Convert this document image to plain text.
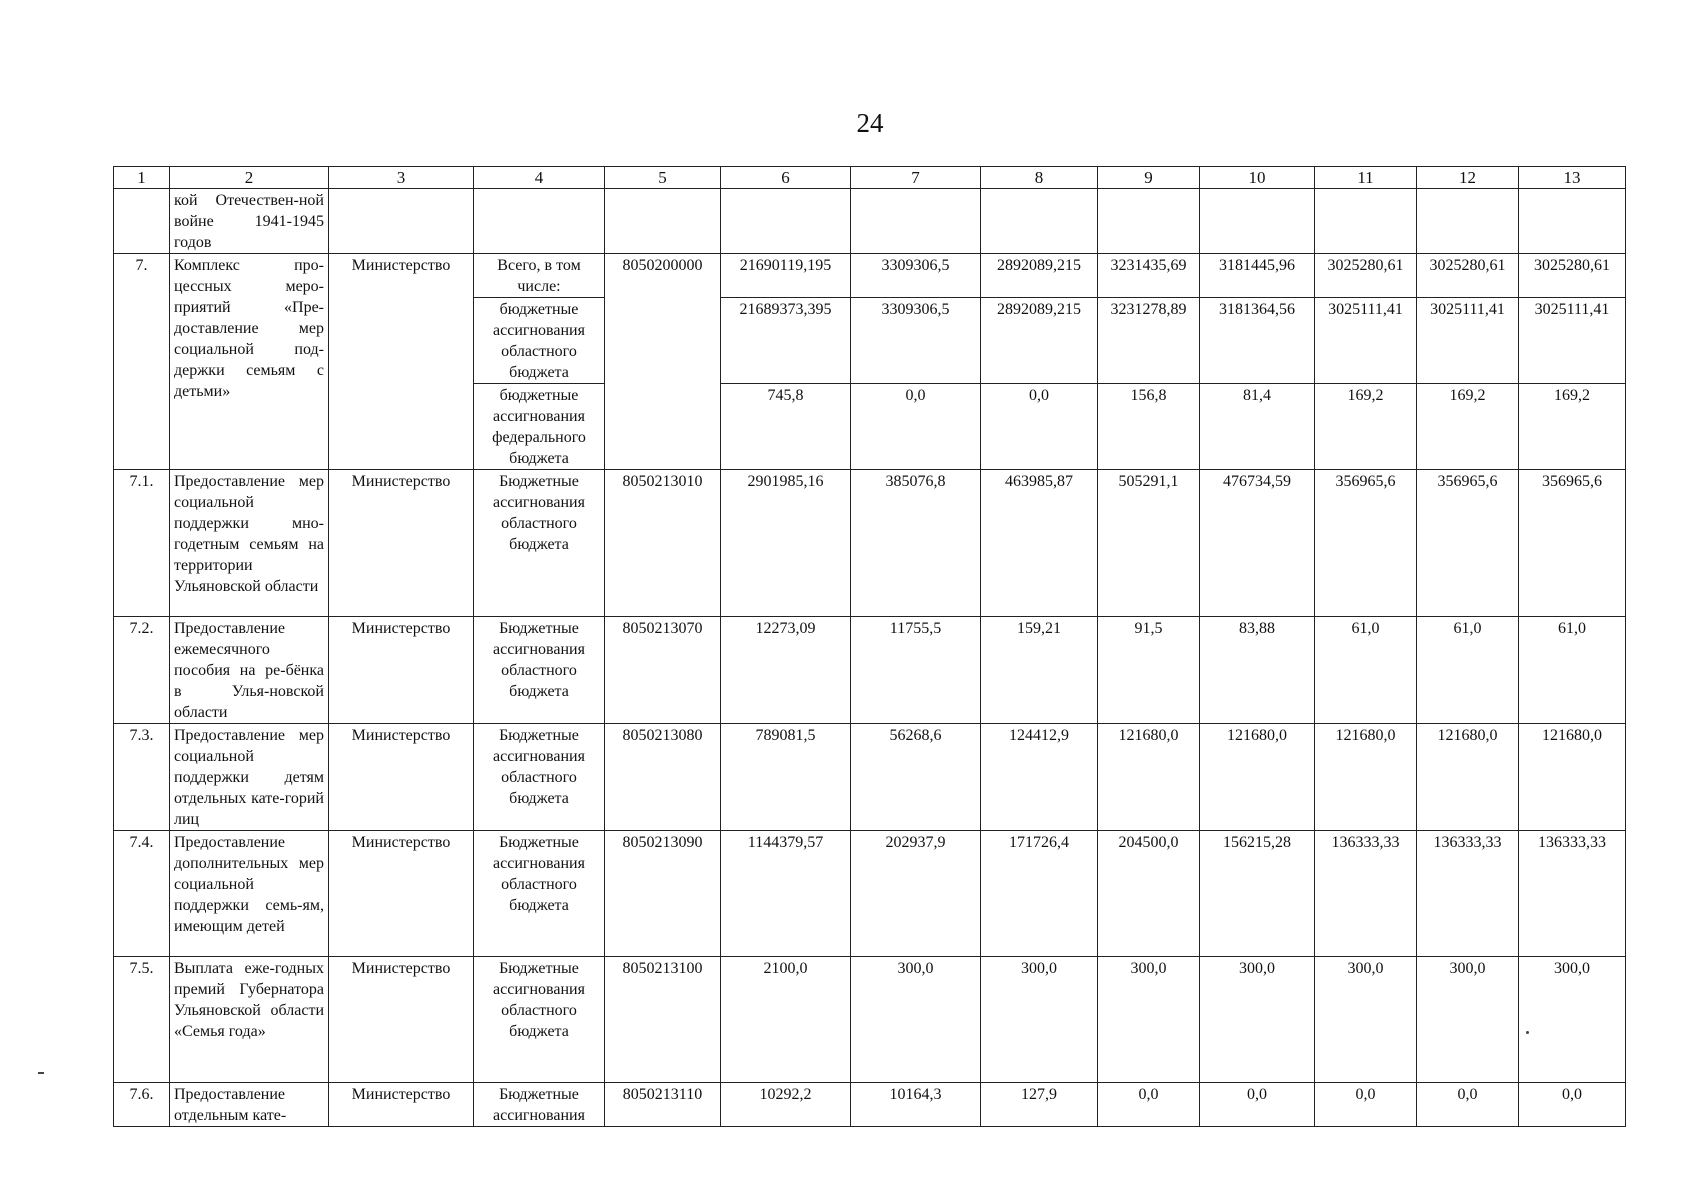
24
1	2	3	4	5	6	7	8	9	10	11	12	13
	кой Отечествен-ной войне 1941-1945 годов											
7.	Комплекс про-цессных меро-приятий «Пре-доставление мер социальной под-держки семьям с детьми»	Министерство	Всего, в том числе:	8050200000	21690119,195	3309306,5	2892089,215	3231435,69	3181445,96	3025280,61	3025280,61	3025280,61
			бюджетные ассигнования областного бюджета		21689373,395	3309306,5	2892089,215	3231278,89	3181364,56	3025111,41	3025111,41	3025111,41
			бюджетные ассигнования федерального бюджета		745,8	0,0	0,0	156,8	81,4	169,2	169,2	169,2
7.1.	Предоставление мер социальной поддержки мно-годетным семьям на территории Ульяновской области	Министерство	Бюджетные ассигнования областного бюджета	8050213010	2901985,16	385076,8	463985,87	505291,1	476734,59	356965,6	356965,6	356965,6
7.2.	Предоставление ежемесячного пособия на ре-бёнка в Улья-новской области	Министерство	Бюджетные ассигнования областного бюджета	8050213070	12273,09	11755,5	159,21	91,5	83,88	61,0	61,0	61,0
7.3.	Предоставление мер социальной поддержки детям отдельных кате-горий лиц	Министерство	Бюджетные ассигнования областного бюджета	8050213080	789081,5	56268,6	124412,9	121680,0	121680,0	121680,0	121680,0	121680,0
7.4.	Предоставление дополнительных мер социальной поддержки семь-ям, имеющим детей	Министерство	Бюджетные ассигнования областного бюджета	8050213090	1144379,57	202937,9	171726,4	204500,0	156215,28	136333,33	136333,33	136333,33
7.5.	Выплата еже-годных премий Губернатора Ульяновской области «Семья года»	Министерство	Бюджетные ассигнования областного бюджета	8050213100	2100,0	300,0	300,0	300,0	300,0	300,0	300,0	300,0
7.6.	Предоставление отдельным кате-	Министерство	Бюджетные ассигнования	8050213110	10292,2	10164,3	127,9	0,0	0,0	0,0	0,0	0,0
